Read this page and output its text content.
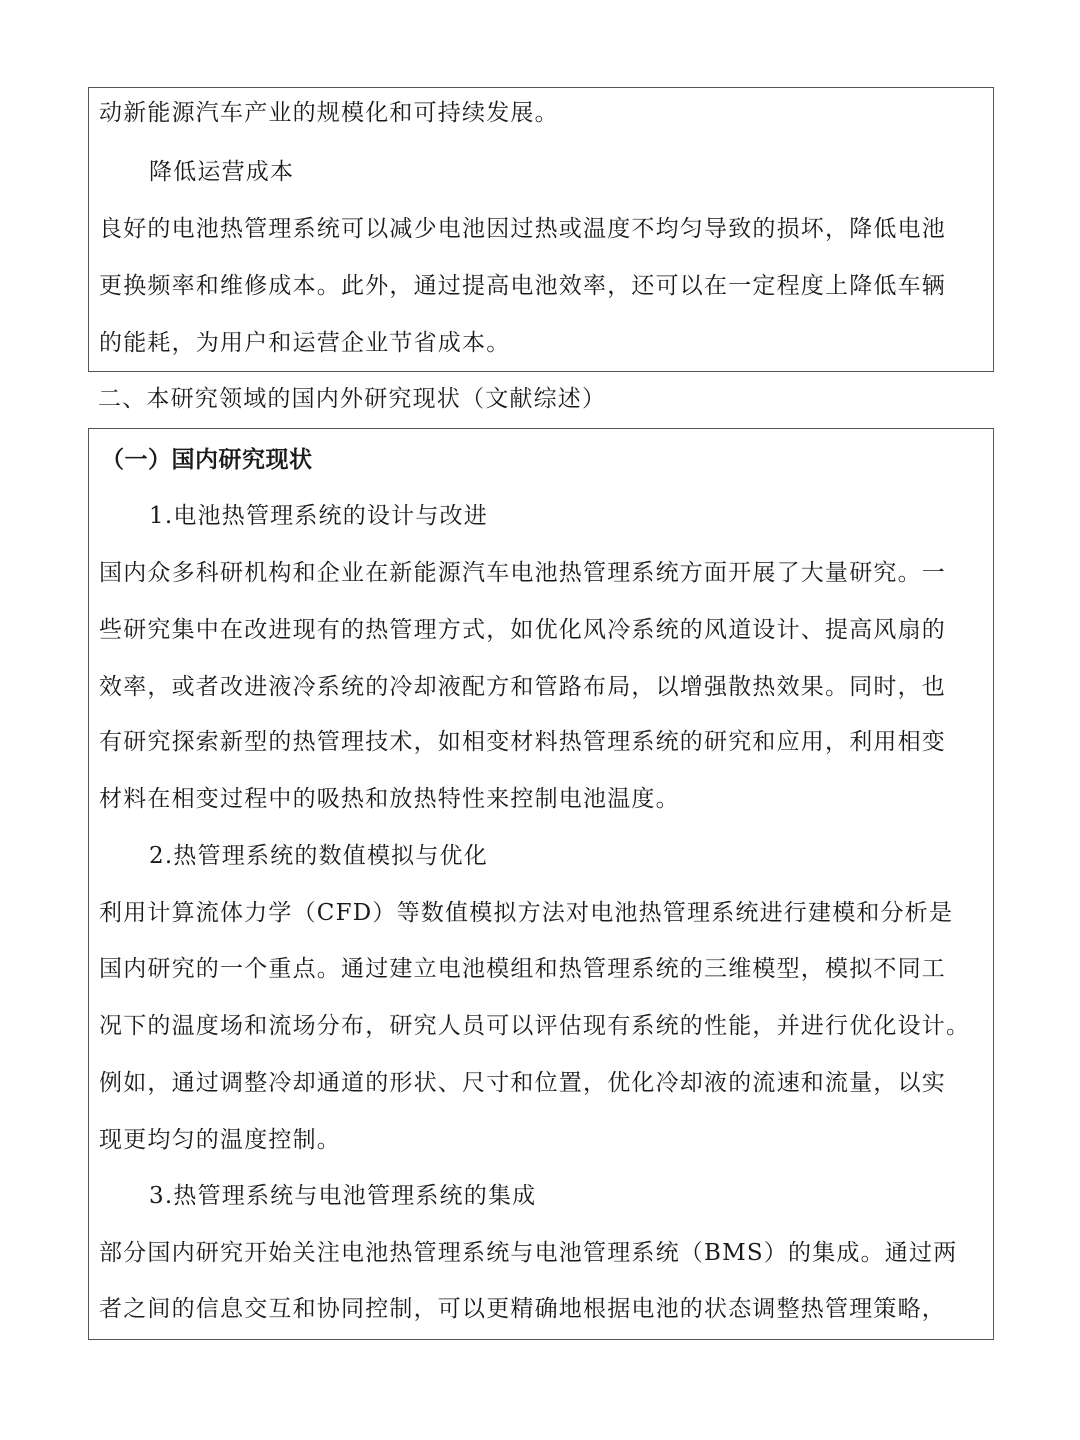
动新能源汽车产业的规模化和可持续发展。
降低运营成本
良好的电池热管理系统可以减少电池因过热或温度不均匀导致的损坏，降低电池
更换频率和维修成本。此外，通过提高电池效率，还可以在一定程度上降低车辆
的能耗，为用户和运营企业节省成本。
二、本研究领域的国内外研究现状（文献综述）
（一）国内研究现状
1.电池热管理系统的设计与改进
国内众多科研机构和企业在新能源汽车电池热管理系统方面开展了大量研究。一
些研究集中在改进现有的热管理方式，如优化风冷系统的风道设计、提高风扇的
效率，或者改进液冷系统的冷却液配方和管路布局，以增强散热效果。同时，也
有研究探索新型的热管理技术，如相变材料热管理系统的研究和应用，利用相变
材料在相变过程中的吸热和放热特性来控制电池温度。
2.热管理系统的数值模拟与优化
利用计算流体力学（CFD）等数值模拟方法对电池热管理系统进行建模和分析是
国内研究的一个重点。通过建立电池模组和热管理系统的三维模型，模拟不同工
况下的温度场和流场分布，研究人员可以评估现有系统的性能，并进行优化设计。
例如，通过调整冷却通道的形状、尺寸和位置，优化冷却液的流速和流量，以实
现更均匀的温度控制。
3.热管理系统与电池管理系统的集成
部分国内研究开始关注电池热管理系统与电池管理系统（BMS）的集成。通过两
者之间的信息交互和协同控制，可以更精确地根据电池的状态调整热管理策略，
